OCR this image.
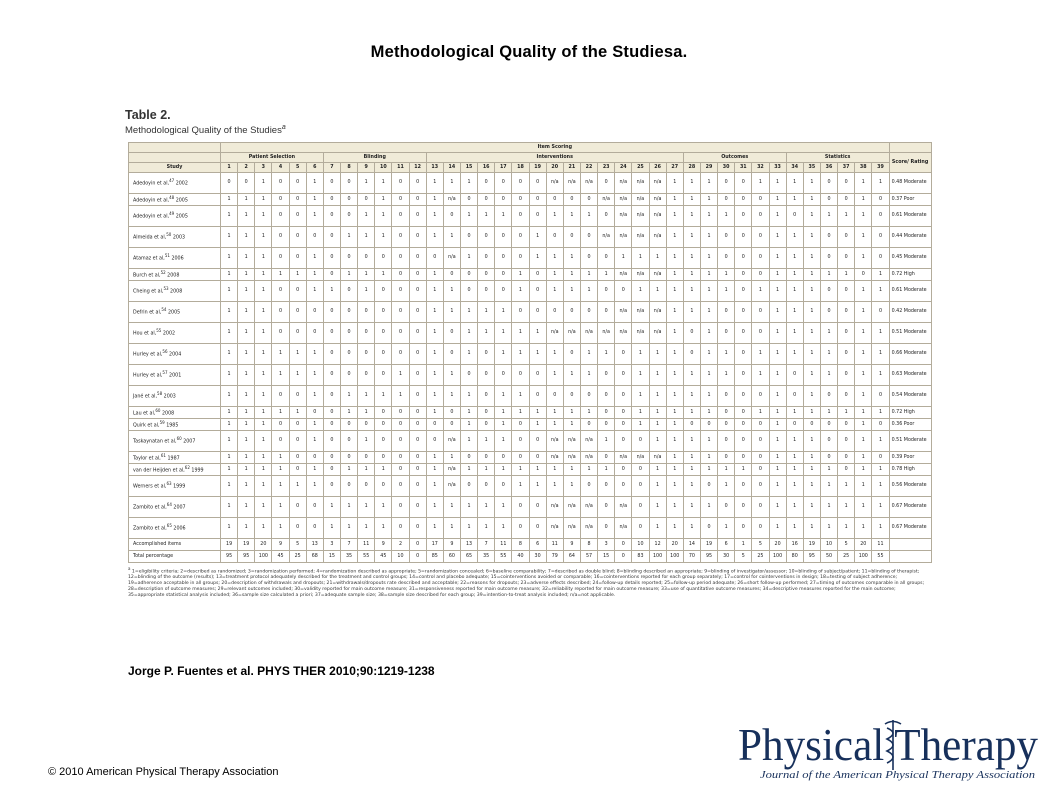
Methodological Quality of the Studiesa.
Table 2.
Methodological Quality of the Studies$^a$
	Item Scoring																																							
	Patient Selection						Blinding						Interventions															Outcomes						Statistics						Score/ Rating
Study	1	2	3	4	5	6	7	8	9	10	11	12	13	14	15	16	17	18	19	20	21	22	23	24	25	26	27	28	29	30	31	32	33	34	35	36	37	38	39	
Adedoyin et al,$^{47}$ 2002	0	0	1	0	0	1	0	0	1	1	0	0	1	1	1	0	0	0	0	n/a	n/a	n/a	0	n/a	n/a	n/a	1	1	1	0	0	1	1	1	1	0	0	1	1	0.48 Moderate
Adedoyin et al,$^{48}$ 2005	1	1	1	0	0	1	0	0	0	1	0	0	1	n/a	0	0	0	0	0	0	0	0	n/a	n/a	n/a	n/a	1	1	1	0	0	0	1	1	1	0	0	1	0	0.37 Poor
Adedoyin et al,$^{49}$ 2005	1	1	1	0	0	1	0	0	1	1	0	0	1	0	1	1	1	0	0	1	1	1	0	n/a	n/a	n/a	1	1	1	1	0	0	1	0	1	1	1	1	0	0.61 Moderate
Almeida et al,$^{50}$ 2003	1	1	1	0	0	0	0	1	1	1	0	0	1	1	0	0	0	0	1	0	0	0	n/a	n/a	n/a	n/a	1	1	1	0	0	0	1	1	1	0	0	1	0	0.44 Moderate
Atamaz et al,$^{51}$ 2006	1	1	1	0	0	1	0	0	0	0	0	0	0	n/a	1	0	0	0	1	1	1	0	0	1	1	1	1	1	1	0	0	0	1	1	1	0	0	1	0	0.45 Moderate
Burch et al,$^{52}$ 2008	1	1	1	1	1	1	0	1	1	1	0	0	1	0	0	0	0	1	0	1	1	1	1	n/a	n/a	n/a	1	1	1	1	0	0	1	1	1	1	1	0	1	0.72 High
Cheing et al,$^{53}$ 2008	1	1	1	0	0	1	1	0	1	0	0	0	1	1	0	0	0	1	0	1	1	1	0	0	1	1	1	1	1	1	0	1	1	1	1	0	0	1	1	0.61 Moderate
Defrin et al,$^{54}$ 2005	1	1	1	0	0	0	0	0	0	0	0	0	1	1	1	1	1	0	0	0	0	0	0	n/a	n/a	n/a	1	1	1	0	0	0	1	1	1	0	0	1	0	0.42 Moderate
Hou et al,$^{55}$ 2002	1	1	1	0	0	0	0	0	0	0	0	0	1	0	1	1	1	1	1	n/a	n/a	n/a	n/a	n/a	n/a	n/a	1	0	1	0	0	0	1	1	1	1	0	1	1	0.51 Moderate
Hurley et al,$^{56}$ 2004	1	1	1	1	1	1	0	0	0	0	0	0	1	0	1	0	1	1	1	1	0	1	1	0	1	1	1	0	1	1	0	1	1	1	1	1	0	1	1	0.66 Moderate
Hurley et al,$^{57}$ 2001	1	1	1	1	1	1	0	0	0	0	1	0	1	1	0	0	0	0	0	1	1	1	0	0	1	1	1	1	1	1	0	1	1	0	1	1	0	1	1	0.63 Moderate
Jané et al,$^{58}$ 2003	1	1	1	0	0	1	0	1	1	1	1	0	1	1	1	0	1	1	0	0	0	0	0	0	1	1	1	1	1	0	0	0	1	0	1	0	0	1	0	0.54 Moderate
Lau et al,$^{60}$ 2008	1	1	1	1	1	0	0	1	1	0	0	0	1	0	1	0	1	1	1	1	1	1	0	0	1	1	1	1	1	0	0	1	1	1	1	1	1	1	1	0.72 High
Quirk et al,$^{59}$ 1985	1	1	1	0	0	1	0	0	0	0	0	0	0	0	1	0	1	0	1	1	1	0	0	0	1	1	1	0	0	0	0	0	1	0	0	0	0	1	0	0.36 Poor
Taskaynatan et al,$^{60}$ 2007	1	1	1	0	0	1	0	0	1	0	0	0	0	n/a	1	1	1	0	0	n/a	n/a	n/a	1	0	0	1	1	1	1	0	0	0	1	1	1	0	0	1	1	0.51 Moderate
Taylor et al,$^{61}$ 1987	1	1	1	1	0	0	0	0	0	0	0	0	1	1	0	0	0	0	0	n/a	n/a	n/a	0	n/a	n/a	n/a	1	1	1	0	0	0	1	1	1	0	0	1	0	0.39 Poor
van der Heijden et al,$^{62}$ 1999	1	1	1	1	0	1	0	1	1	1	0	0	1	n/a	1	1	1	1	1	1	1	1	1	0	0	1	1	1	1	1	1	0	1	1	1	1	0	1	1	0.78 High
Werners et al,$^{63}$ 1999	1	1	1	1	1	1	0	0	0	0	0	0	1	n/a	0	0	0	1	1	1	1	0	0	0	0	1	1	1	0	1	0	0	1	1	1	1	1	1	1	0.56 Moderate
Zambito et al,$^{64}$ 2007	1	1	1	1	0	0	1	1	1	1	0	0	1	1	1	1	1	0	0	n/a	n/a	n/a	0	n/a	0	1	1	1	1	0	0	0	1	1	1	1	1	1	1	0.67 Moderate
Zambito et al,$^{65}$ 2006	1	1	1	1	0	0	1	1	1	1	0	0	1	1	1	1	1	0	0	n/a	n/a	n/a	0	n/a	0	1	1	1	0	1	0	0	1	1	1	1	1	1	1	0.67 Moderate
Accomplished items	19	19	20	9	5	13	3	7	11	9	2	0	17	9	13	7	11	8	6	11	9	8	3	0	10	12	20	14	19	6	1	5	20	16	19	10	5	20	11	
Total percentage	95	95	100	45	25	68	15	35	55	45	10	0	85	60	65	35	55	40	30	79	64	57	15	0	83	100	100	70	95	30	5	25	100	80	95	50	25	100	55	
$^a$ 1=eligibility criteria; 2=described as randomized; 3=randomization performed; 4=randomization described as appropriate; 5=randomization concealed; 6=baseline comparability; 7=described as double blind; 8=blinding described an appropriate; 9=blinding of investigator/assessor; 10=blinding of subject/patient; 11=blinding of therapist; 12=blinding of the outcome (results); 13=treatment protocol adequately described for the treatment and control groups; 14=control and placebo adequate; 15=cointerventions avoided or comparable; 16=cointerventions reported for each group separately; 17=control for cointerventions in design; 18=testing of subject adherence; 19=adherence acceptable in all groups; 20=description of withdrawals and dropouts; 21=withdrawals/dropouts rate described and acceptable; 22=reasons for dropouts; 23=adverse effects described; 24=follow-up details reported; 25=follow-up period adequate; 26=short follow-up performed; 27=timing of outcomes comparable in all groups; 28=description of outcome measures; 29=relevant outcomes included; 30=validity reported for main outcome measure; 31=responsiveness reported for main outcome measure; 32=reliability reported for main outcome measure; 33=use of quantitative outcome measures; 34=descriptive measures reported for the main outcome; 35=appropriate statistical analysis included; 36=sample size calculated a priori; 37=adequate sample size; 38=sample size described for each group; 39=intention-to-treat analysis included; n/a=not applicable.
Jorge P. Fuentes et al. PHYS THER 2010;90:1219-1238
Physical Therapy
Journal of the American Physical Therapy Association
© 2010 American Physical Therapy Association
